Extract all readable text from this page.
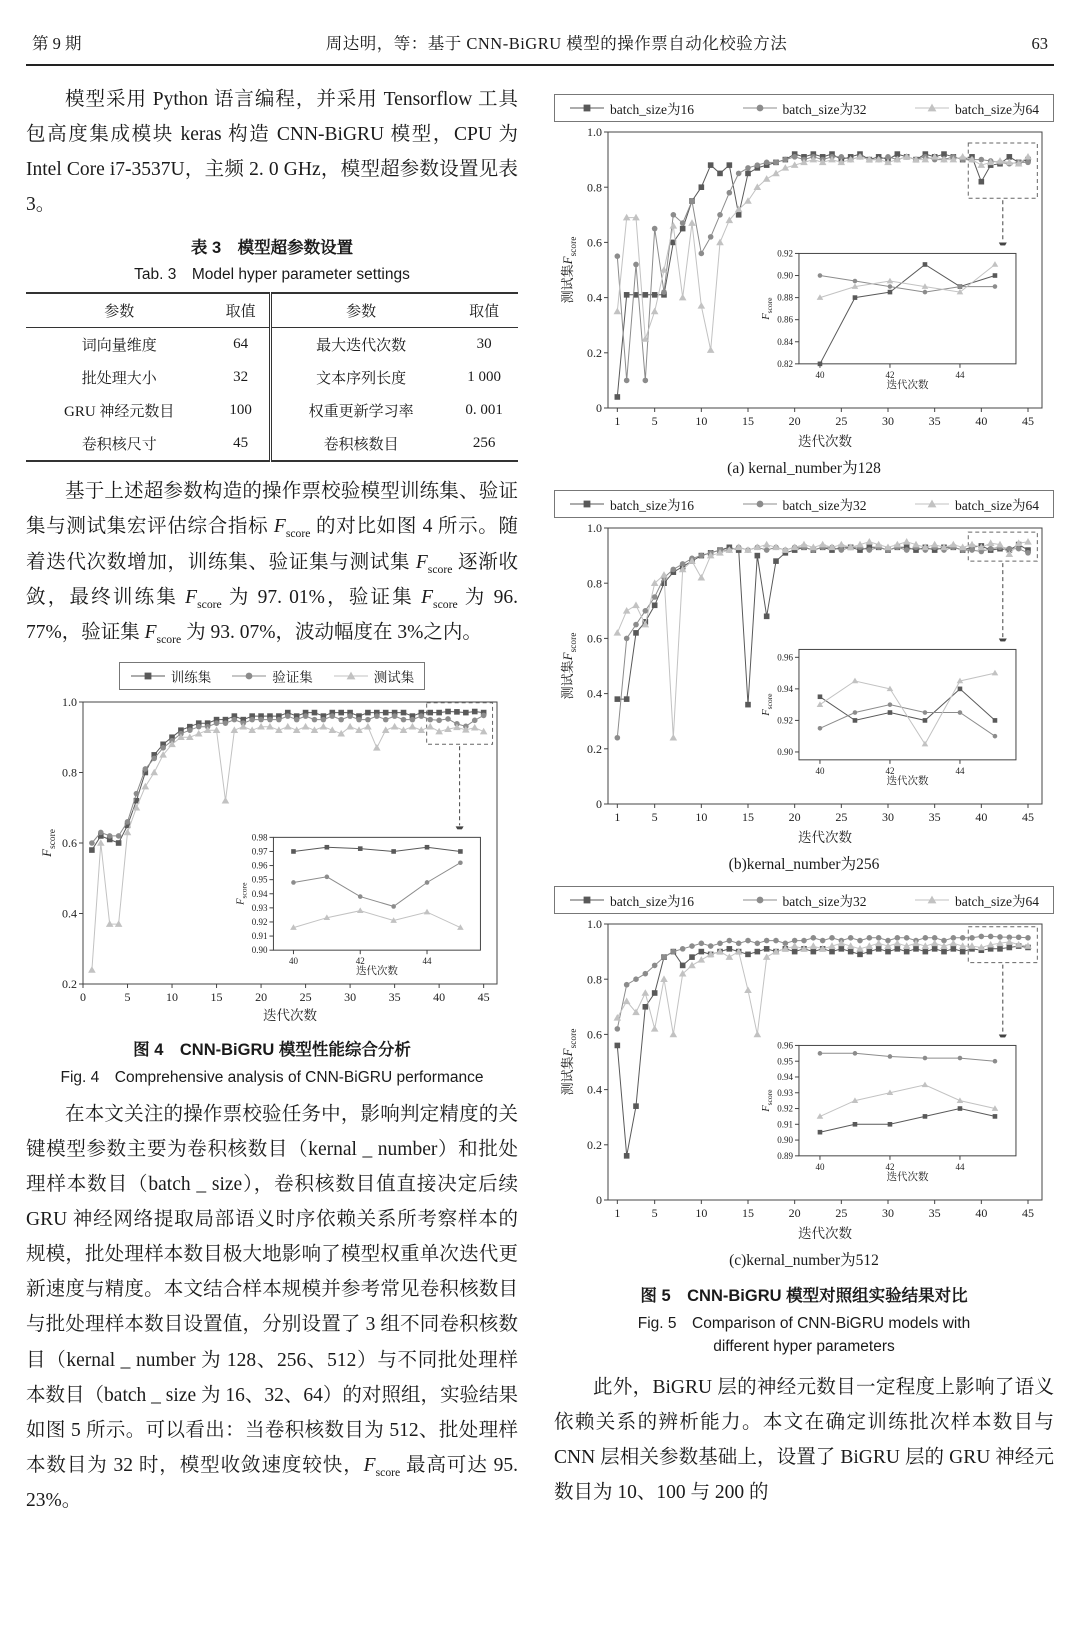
第 9 期	周达明，等：基于 CNN-BiGRU 模型的操作票自动化校验方法	63

模型采用 Python 语言编程，并采用 Tensorflow 工具包高度集成模块 keras 构造 CNN-BiGRU 模型，CPU 为 Intel Core i7-3537U，主频 2. 0 GHz，模型超参数设置见表 3。

表 3　模型超参数设置
Tab. 3　Model hyper parameter settings
参数	取值	参数	取值
词向量维度	64	最大迭代次数	30
批处理大小	32	文本序列长度	1 000
GRU 神经元数目	100	权重更新学习率	0. 001
卷积核尺寸	45	卷积核数目	256

基于上述超参数构造的操作票校验模型训练集、验证集与测试集宏评估综合指标 $F_{score}$ 的对比如图 4 所示。随着迭代次数增加，训练集、验证集与测试集 $F_{score}$ 逐渐收敛，最终训练集 $F_{score}$ 为 97. 01%，验证集 $F_{score}$ 为 96. 77%，验证集 $F_{score}$ 为 93. 07%，波动幅度在 3%之内。

训练集	验证集	测试集
0	5	10	15	20	25	30	35	40	45
0.2
0.4
0.6
0.8
1.0
迭代次数
$F_{score}$
40	42	44
0.90
0.91
0.92
0.93
0.94
0.95
0.96
0.97
0.98
迭代次数
$F_{score}$
图 4　CNN-BiGRU 模型性能综合分析
Fig. 4　Comprehensive analysis of CNN-BiGRU performance

在本文关注的操作票校验任务中，影响判定精度的关键模型参数主要为卷积核数目（kernal _ number）和批处理样本数目（batch _ size），卷积核数目值直接决定后续 GRU 神经网络提取局部语义时序依赖关系所考察样本的规模，批处理样本数目极大地影响了模型权重单次迭代更新速度与精度。本文结合样本规模并参考常见卷积核数目与批处理样本数目设置值，分别设置了 3 组不同卷积核数目（kernal _ number 为 128、256、512）与不同批处理样本数目（batch _ size 为 16、32、64）的对照组，实验结果如图 5 所示。可以看出：当卷积核数目为 512、批处理样本数目为 32 时，模型收敛速度较快，$F_{score}$ 最高可达 95. 23%。

batch_size为16	batch_size为32	batch_size为64
1	5	10	15	20	25	30	35	40	45
0
0.2
0.4
0.6
0.8
1.0
迭代次数
测试集$F_{score}$
40	42	44
0.82
0.84
0.86
0.88
0.90
0.92
迭代次数
$F_{score}$
(a) kernal_number为128
batch_size为16	batch_size为32	batch_size为64
1	5	10	15	20	25	30	35	40	45
0
0.2
0.4
0.6
0.8
1.0
迭代次数
测试集$F_{score}$
40	42	44
0.90
0.92
0.94
0.96
迭代次数
$F_{score}$
(b)kernal_number为256
batch_size为16	batch_size为32	batch_size为64
1	5	10	15	20	25	30	35	40	45
0
0.2
0.4
0.6
0.8
1.0
迭代次数
测试集$F_{score}$
40	42	44
0.89
0.90
0.91
0.92
0.93
0.94
0.95
0.96
迭代次数
$F_{score}$
(c)kernal_number为512
图 5　CNN-BiGRU 模型对照组实验结果对比
Fig. 5　Comparison of CNN-BiGRU models with
different hyper parameters

此外，BiGRU 层的神经元数目一定程度上影响了语义依赖关系的辨析能力。本文在确定训练批次样本数目与 CNN 层相关参数基础上，设置了 BiGRU 层的 GRU 神经元数目为 10、100 与 200 的
